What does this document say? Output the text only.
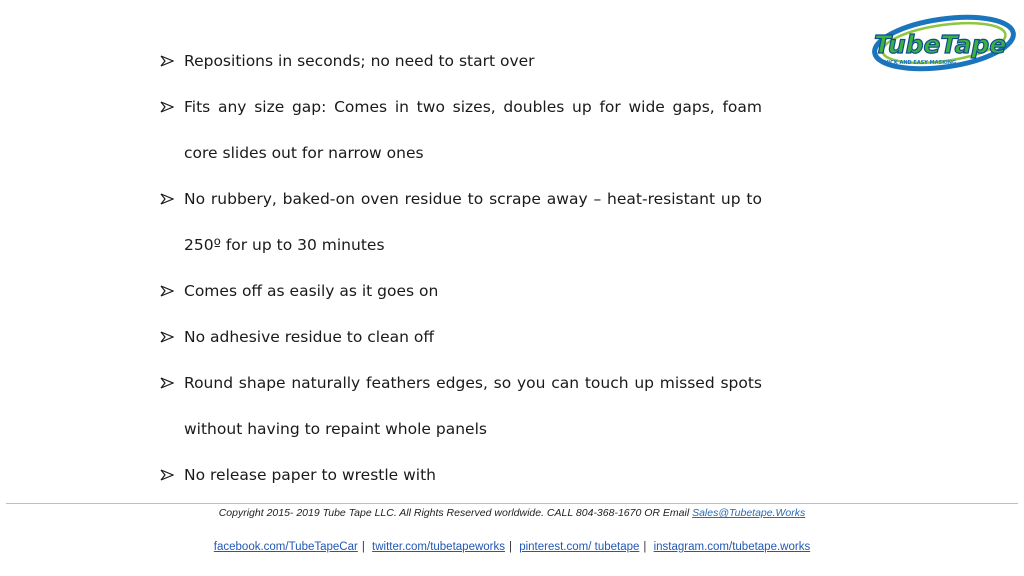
Repositions in seconds; no need to start over
Fits any size gap: Comes in two sizes, doubles up for wide gaps, foam core slides out for narrow ones
No rubbery, baked-on oven residue to scrape away – heat-resistant up to 250º for up to 30 minutes
Comes off as easily as it goes on
No adhesive residue to clean off
Round shape naturally feathers edges, so you can touch up missed spots without having to repaint whole panels
No release paper to wrestle with
TubeTape
QUICK AND EASY MASKING
Copyright 2015- 2019 Tube Tape LLC. All Rights Reserved worldwide. CALL 804-368-1670 OR Email Sales@Tubetape.Works
facebook.com/TubeTapeCar | twitter.com/tubetapeworks | pinterest.com/ tubetape | instagram.com/tubetape.works
